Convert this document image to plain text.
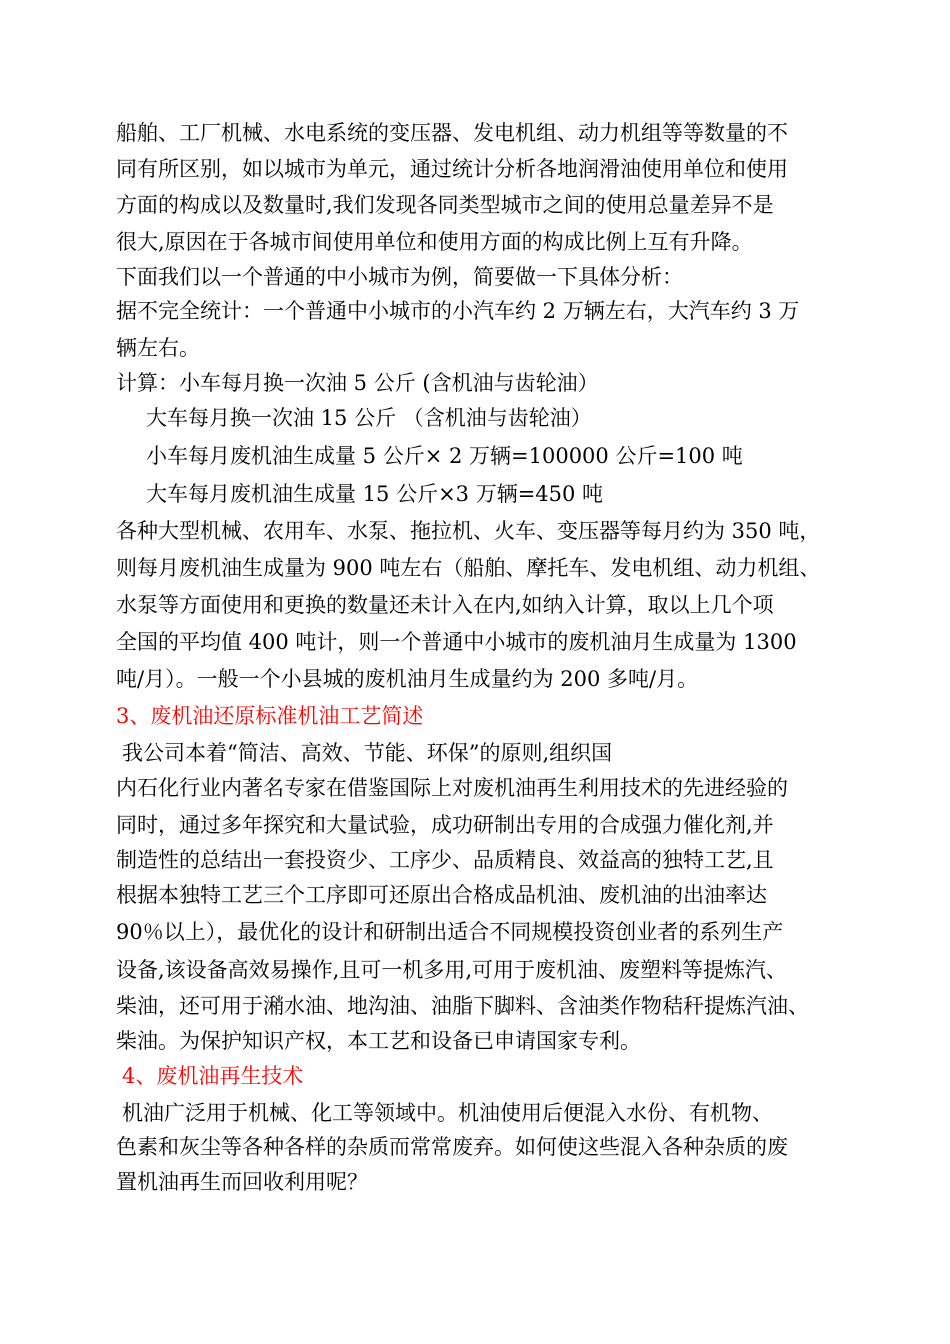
船舶、工厂机械、水电系统的变压器、发电机组、动力机组等等数量的不
同有所区别，如以城市为单元，通过统计分析各地润滑油使用单位和使用
方面的构成以及数量时,我们发现各同类型城市之间的使用总量差异不是
很大,原因在于各城市间使用单位和使用方面的构成比例上互有升降。
下面我们以一个普通的中小城市为例，简要做一下具体分析：
据不完全统计：一个普通中小城市的小汽车约 2 万辆左右，大汽车约 3 万
辆左右。
计算：小车每月换一次油 5 公斤 (含机油与齿轮油）
大车每月换一次油 15 公斤 （含机油与齿轮油）
小车每月废机油生成量 5 公斤× 2 万辆=100000 公斤=100 吨
大车每月废机油生成量 15 公斤×3 万辆=450 吨
各种大型机械、农用车、水泵、拖拉机、火车、变压器等每月约为 350 吨，
则每月废机油生成量为 900 吨左右（船舶、摩托车、发电机组、动力机组、
水泵等方面使用和更换的数量还未计入在内,如纳入计算，取以上几个项
全国的平均值 400 吨计，则一个普通中小城市的废机油月生成量为 1300
吨/月）。一般一个小县城的废机油月生成量约为 200 多吨/月。
3、废机油还原标准机油工艺简述
我公司本着“简洁、高效、节能、环保”的原则,组织国
内石化行业内著名专家在借鉴国际上对废机油再生利用技术的先进经验的
同时，通过多年探究和大量试验，成功研制出专用的合成强力催化剂,并
制造性的总结出一套投资少、工序少、品质精良、效益高的独特工艺,且
根据本独特工艺三个工序即可还原出合格成品机油、废机油的出油率达
90％以上），最优化的设计和研制出适合不同规模投资创业者的系列生产
设备,该设备高效易操作,且可一机多用,可用于废机油、废塑料等提炼汽、
柴油，还可用于潲水油、地沟油、油脂下脚料、含油类作物秸秆提炼汽油、
柴油。为保护知识产权，本工艺和设备已申请国家专利。
4、废机油再生技术
机油广泛用于机械、化工等领域中。机油使用后便混入水份、有机物、
色素和灰尘等各种各样的杂质而常常废弃。如何使这些混入各种杂质的废
置机油再生而回收利用呢？
